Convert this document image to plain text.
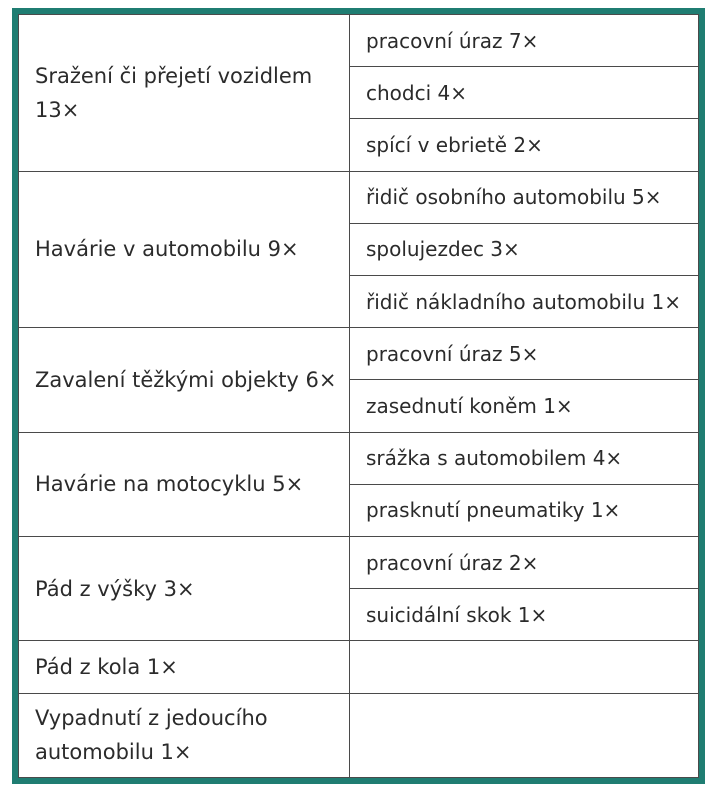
Sražení či přejetí vozidlem 13×	pracovní úraz 7×
	chodci 4×
	spící v ebrietě 2×
Havárie v automobilu 9×	řidič osobního automobilu 5×
	spolujezdec 3×
	řidič nákladního automobilu 1×
Zavalení těžkými objekty 6×	pracovní úraz 5×
	zasednutí koněm 1×
Havárie na motocyklu 5×	srážka s automobilem 4×
	prasknutí pneumatiky 1×
Pád z výšky 3×	pracovní úraz 2×
	suicidální skok 1×
Pád z kola 1×	
Vypadnutí z jedoucího automobilu 1×	
